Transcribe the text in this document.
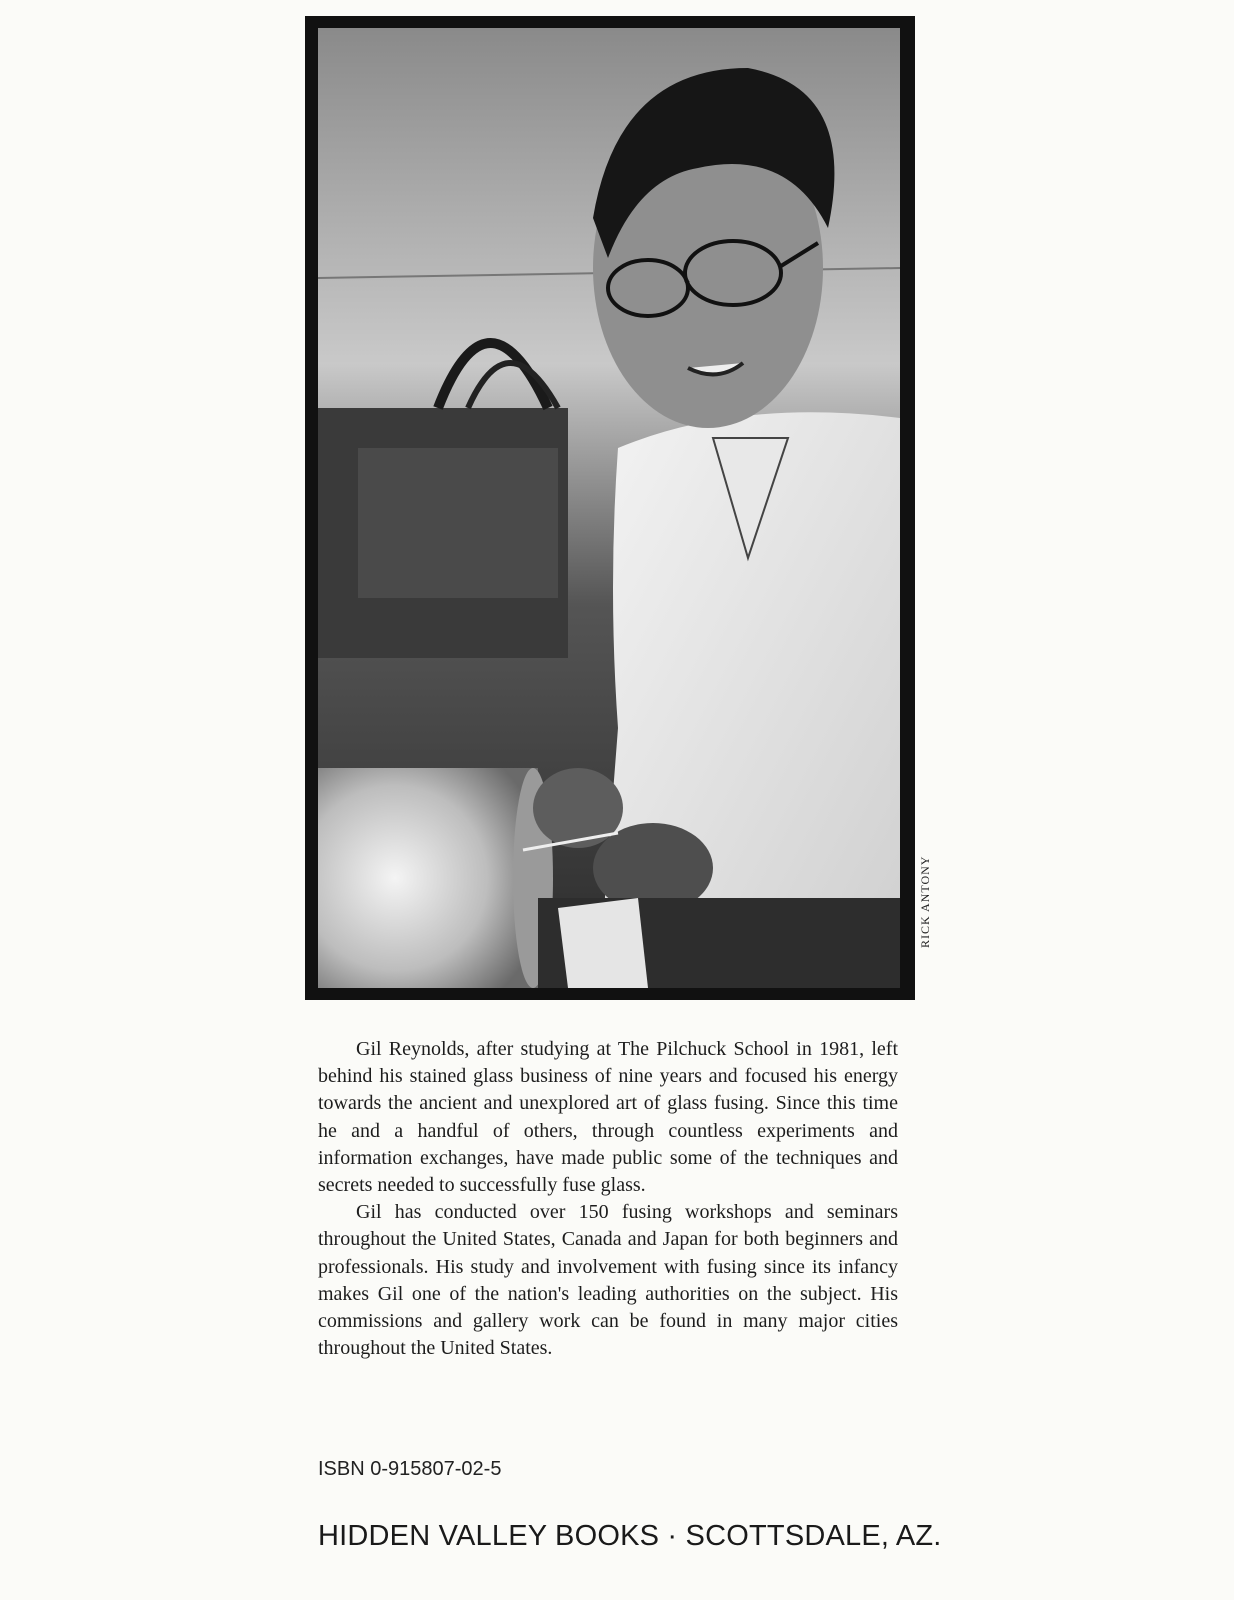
RICK ANTONY

Gil Reynolds, after studying at The Pilchuck School in 1981, left behind his stained glass business of nine years and focused his energy towards the ancient and unexplored art of glass fusing. Since this time he and a handful of others, through countless experiments and information exchanges, have made public some of the techniques and secrets needed to successfully fuse glass.

Gil has conducted over 150 fusing workshops and seminars throughout the United States, Canada and Japan for both beginners and professionals. His study and involvement with fusing since its infancy makes Gil one of the nation's leading authorities on the subject. His commissions and gallery work can be found in many major cities throughout the United States.

ISBN 0-915807-02-5
HIDDEN VALLEY BOOKS · SCOTTSDALE, AZ.
